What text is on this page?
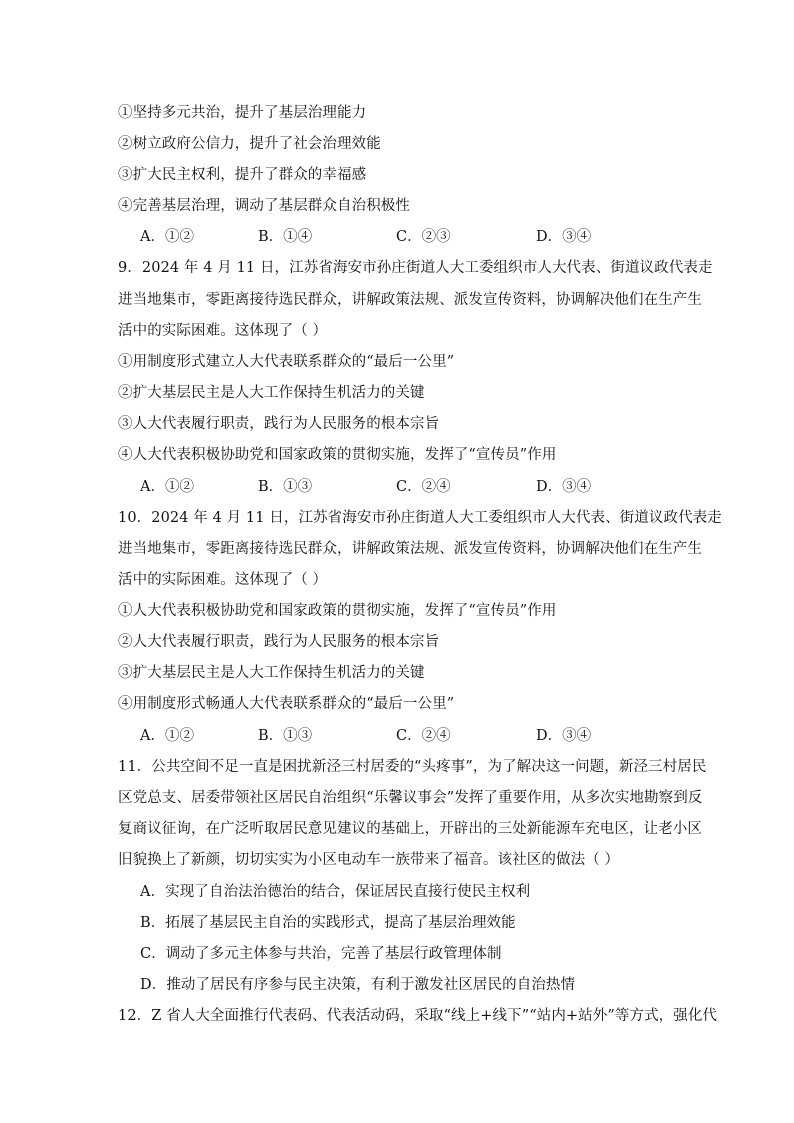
①坚持多元共治，提升了基层治理能力
②树立政府公信力，提升了社会治理效能
③扩大民主权利，提升了群众的幸福感
④完善基层治理，调动了基层群众自治积极性
A．①②	B．①④	C．②③	D．③④
9．2024 年 4 月 11 日，江苏省海安市孙庄街道人大工委组织市人大代表、街道议政代表走
进当地集市，零距离接待选民群众，讲解政策法规、派发宣传资料，协调解决他们在生产生
活中的实际困难。这体现了（ ）
①用制度形式建立人大代表联系群众的“最后一公里”
②扩大基层民主是人大工作保持生机活力的关键
③人大代表履行职责，践行为人民服务的根本宗旨
④人大代表积极协助党和国家政策的贯彻实施，发挥了“宣传员”作用
A．①②	B．①③	C．②④	D．③④
10．2024 年 4 月 11 日，江苏省海安市孙庄街道人大工委组织市人大代表、街道议政代表走
进当地集市，零距离接待选民群众，讲解政策法规、派发宣传资料，协调解决他们在生产生
活中的实际困难。这体现了（ ）
①人大代表积极协助党和国家政策的贯彻实施，发挥了“宣传员”作用
②人大代表履行职责，践行为人民服务的根本宗旨
③扩大基层民主是人大工作保持生机活力的关键
④用制度形式畅通人大代表联系群众的“最后一公里”
A．①②	B．①③	C．②④	D．③④
11．公共空间不足一直是困扰新泾三村居委的“头疼事”，为了解决这一问题，新泾三村居民
区党总支、居委带领社区居民自治组织“乐馨议事会”发挥了重要作用，从多次实地勘察到反
复商议征询，在广泛听取居民意见建议的基础上，开辟出的三处新能源车充电区，让老小区
旧貌换上了新颜，切切实实为小区电动车一族带来了福音。该社区的做法（ ）
A．实现了自治法治德治的结合，保证居民直接行使民主权利
B．拓展了基层民主自治的实践形式，提高了基层治理效能
C．调动了多元主体参与共治，完善了基层行政管理体制
D．推动了居民有序参与民主决策，有利于激发社区居民的自治热情
12．Z 省人大全面推行代表码、代表活动码，采取“线上+线下”“站内+站外”等方式，强化代
